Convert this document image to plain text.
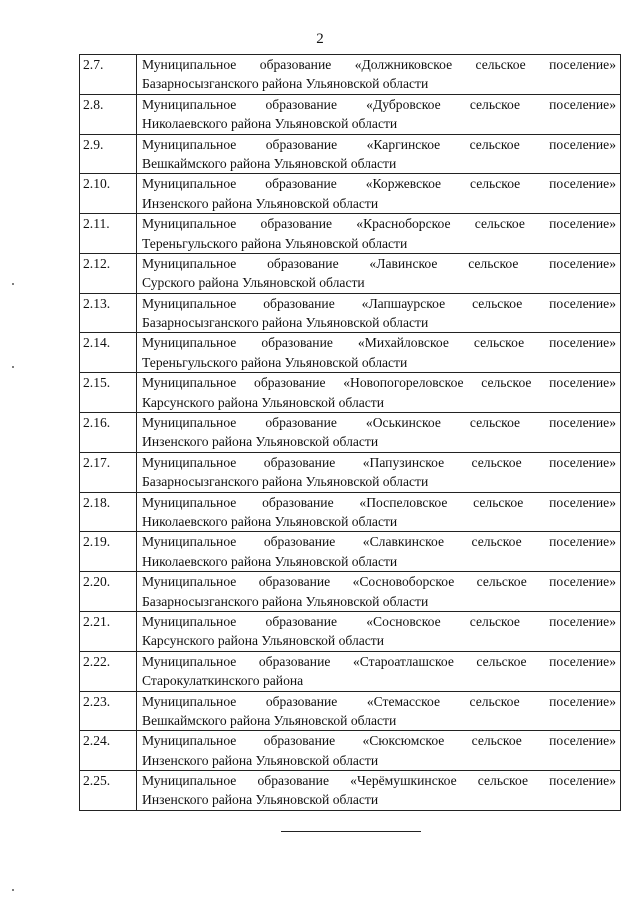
2
2.7.	Муниципальное образование «Должниковское сельское поселение»
Базарносызганского района Ульяновской области

2.8.	Муниципальное образование «Дубровское сельское поселение»
Николаевского района Ульяновской области

2.9.	Муниципальное образование «Каргинское сельское поселение»
Вешкаймского района Ульяновской области

2.10.	Муниципальное образование «Коржевское сельское поселение»
Инзенского района Ульяновской области

2.11.	Муниципальное образование «Красноборское сельское поселение»
Тереньгульского района Ульяновской области

2.12.	Муниципальное образование «Лавинское сельское поселение»
Сурского района Ульяновской области

2.13.	Муниципальное образование «Лапшаурское сельское поселение»
Базарносызганского района Ульяновской области

2.14.	Муниципальное образование «Михайловское сельское поселение»
Тереньгульского района Ульяновской области

2.15.	Муниципальное образование «Новопогореловское сельское поселение»
Карсунского района Ульяновской области

2.16.	Муниципальное образование «Оськинское сельское поселение»
Инзенского района Ульяновской области

2.17.	Муниципальное образование «Папузинское сельское поселение»
Базарносызганского района Ульяновской области

2.18.	Муниципальное образование «Поспеловское сельское поселение»
Николаевского района Ульяновской области

2.19.	Муниципальное образование «Славкинское сельское поселение»
Николаевского района Ульяновской области

2.20.	Муниципальное образование «Сосновоборское сельское поселение»
Базарносызганского района Ульяновской области

2.21.	Муниципальное образование «Сосновское сельское поселение»
Карсунского района Ульяновской области

2.22.	Муниципальное образование «Староатлашское сельское поселение»
Старокулаткинского района

2.23.	Муниципальное образование «Стемасское сельское поселение»
Вешкаймского района Ульяновской области

2.24.	Муниципальное образование «Сюксюмское сельское поселение»
Инзенского района Ульяновской области

2.25.	Муниципальное образование «Черёмушкинское сельское поселение»
Инзенского района Ульяновской области
